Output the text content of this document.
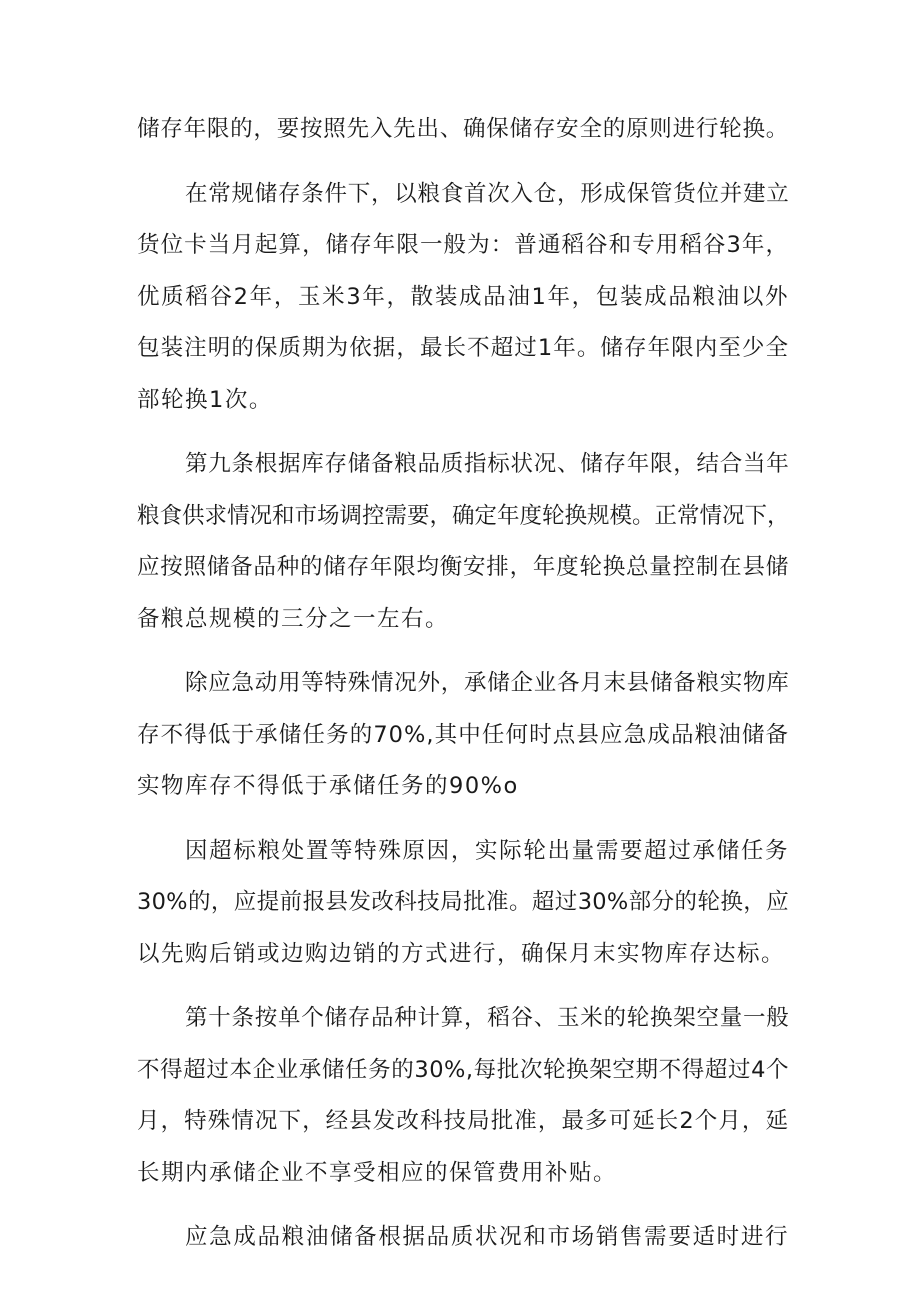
储存年限的，要按照先入先出、确保储存安全的原则进行轮换。

在常规储存条件下，以粮食首次入仓，形成保管货位并建立
货位卡当月起算，储存年限一般为：普通稻谷和专用稻谷3年，
优质稻谷2年，玉米3年，散装成品油1年，包装成品粮油以外
包装注明的保质期为依据，最长不超过1年。储存年限内至少全
部轮换1次。

第九条根据库存储备粮品质指标状况、储存年限，结合当年
粮食供求情况和市场调控需要，确定年度轮换规模。正常情况下，
应按照储备品种的储存年限均衡安排，年度轮换总量控制在县储
备粮总规模的三分之一左右。

除应急动用等特殊情况外，承储企业各月末县储备粮实物库
存不得低于承储任务的70%,其中任何时点县应急成品粮油储备
实物库存不得低于承储任务的90%o

因超标粮处置等特殊原因，实际轮出量需要超过承储任务
30%的，应提前报县发改科技局批准。超过30%部分的轮换，应
以先购后销或边购边销的方式进行，确保月末实物库存达标。

第十条按单个储存品种计算，稻谷、玉米的轮换架空量一般
不得超过本企业承储任务的30%,每批次轮换架空期不得超过4个
月，特殊情况下，经县发改科技局批准，最多可延长2个月，延
长期内承储企业不享受相应的保管费用补贴。

应急成品粮油储备根据品质状况和市场销售需要适时进行
